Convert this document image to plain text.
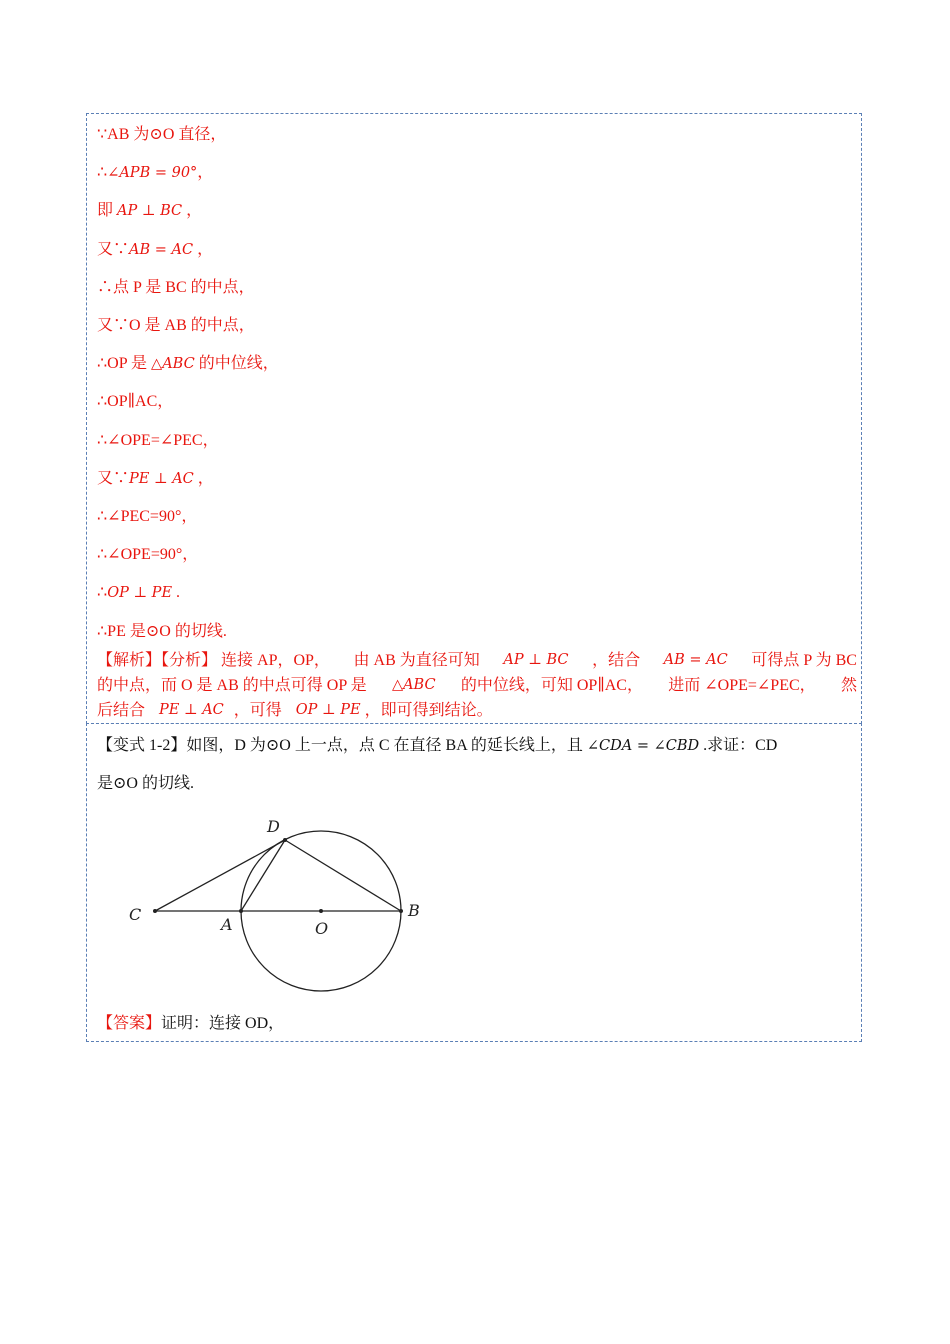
∵AB 为⊙O 直径，
∴∠APB = 90°，
即 AP ⊥ BC ，
又∵AB = AC ，
∴点 P 是 BC 的中点，
又∵O 是 AB 的中点，
∴OP 是 △ABC 的中位线，
∴OP∥AC，
∴∠OPE=∠PEC，
又∵PE ⊥ AC ，
∴∠PEC=90°，
∴∠OPE=90°，
∴OP ⊥ PE .
∴PE 是⊙O 的切线.
【解析】【分析】 连接 AP，OP， 由 AB 为直径可知 AP ⊥ BC ，结合 AB = AC 可得点 P 为 BC
的中点，而 O 是 AB 的中点可得 OP 是 △ABC 的中位线，可知 OP∥AC， 进而 ∠OPE=∠PEC， 然
后结合 PE ⊥ AC ，可得 OP ⊥ PE ，即可得到结论。
【变式 1-2】如图，D 为⊙O 上一点，点 C 在直径 BA 的延长线上，且 ∠CDA = ∠CBD .求证：CD
是⊙O 的切线.
D
C
A	O
B
【答案】证明：连接 OD，
